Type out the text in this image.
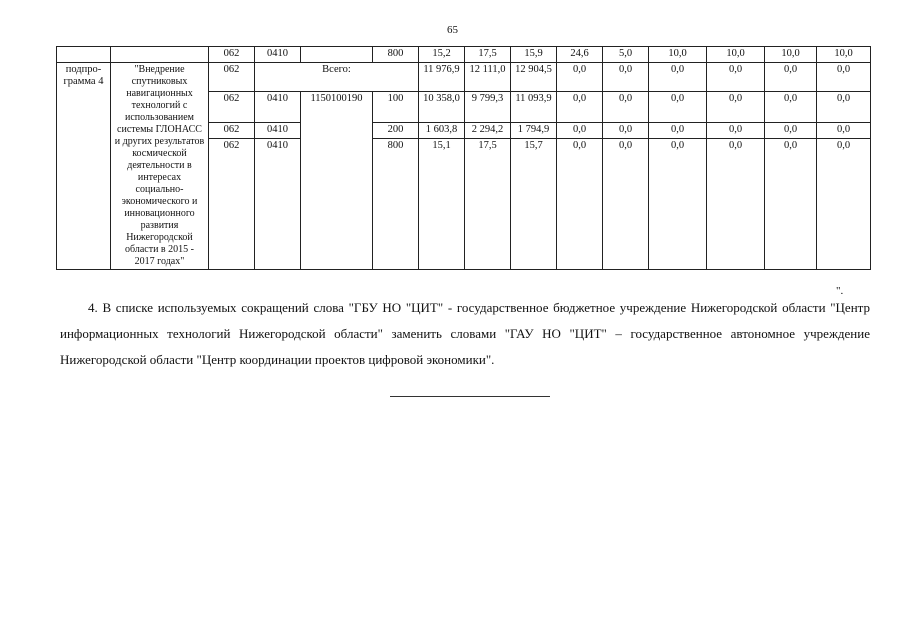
65
		062	0410		800	15,2	17,5	15,9	24,6	5,0	10,0	10,0	10,0	10,0
подпро-грамма 4	"Внедрение спутниковых навигационных технологий с использованием системы ГЛОНАСС и других результатов космической деятельности в интересах социально-экономического и инновационного развития Нижегородской области в 2015 - 2017 годах"	062	Всего:			11 976,9	12 111,0	12 904,5	0,0	0,0	0,0	0,0	0,0	0,0
		062	0410	1150100190	100	10 358,0	9 799,3	11 093,9	0,0	0,0	0,0	0,0	0,0	0,0
		062	0410		200	1 603,8	2 294,2	1 794,9	0,0	0,0	0,0	0,0	0,0	0,0
		062	0410		800	15,1	17,5	15,7	0,0	0,0	0,0	0,0	0,0	0,0
".

4. В списке используемых сокращений слова "ГБУ НО "ЦИТ" - государственное бюджетное учреждение Нижегородской области "Центр информационных технологий Нижегородской области" заменить словами "ГАУ НО "ЦИТ" – государственное автономное учреждение Нижегородской области "Центр координации проектов цифровой экономики".
